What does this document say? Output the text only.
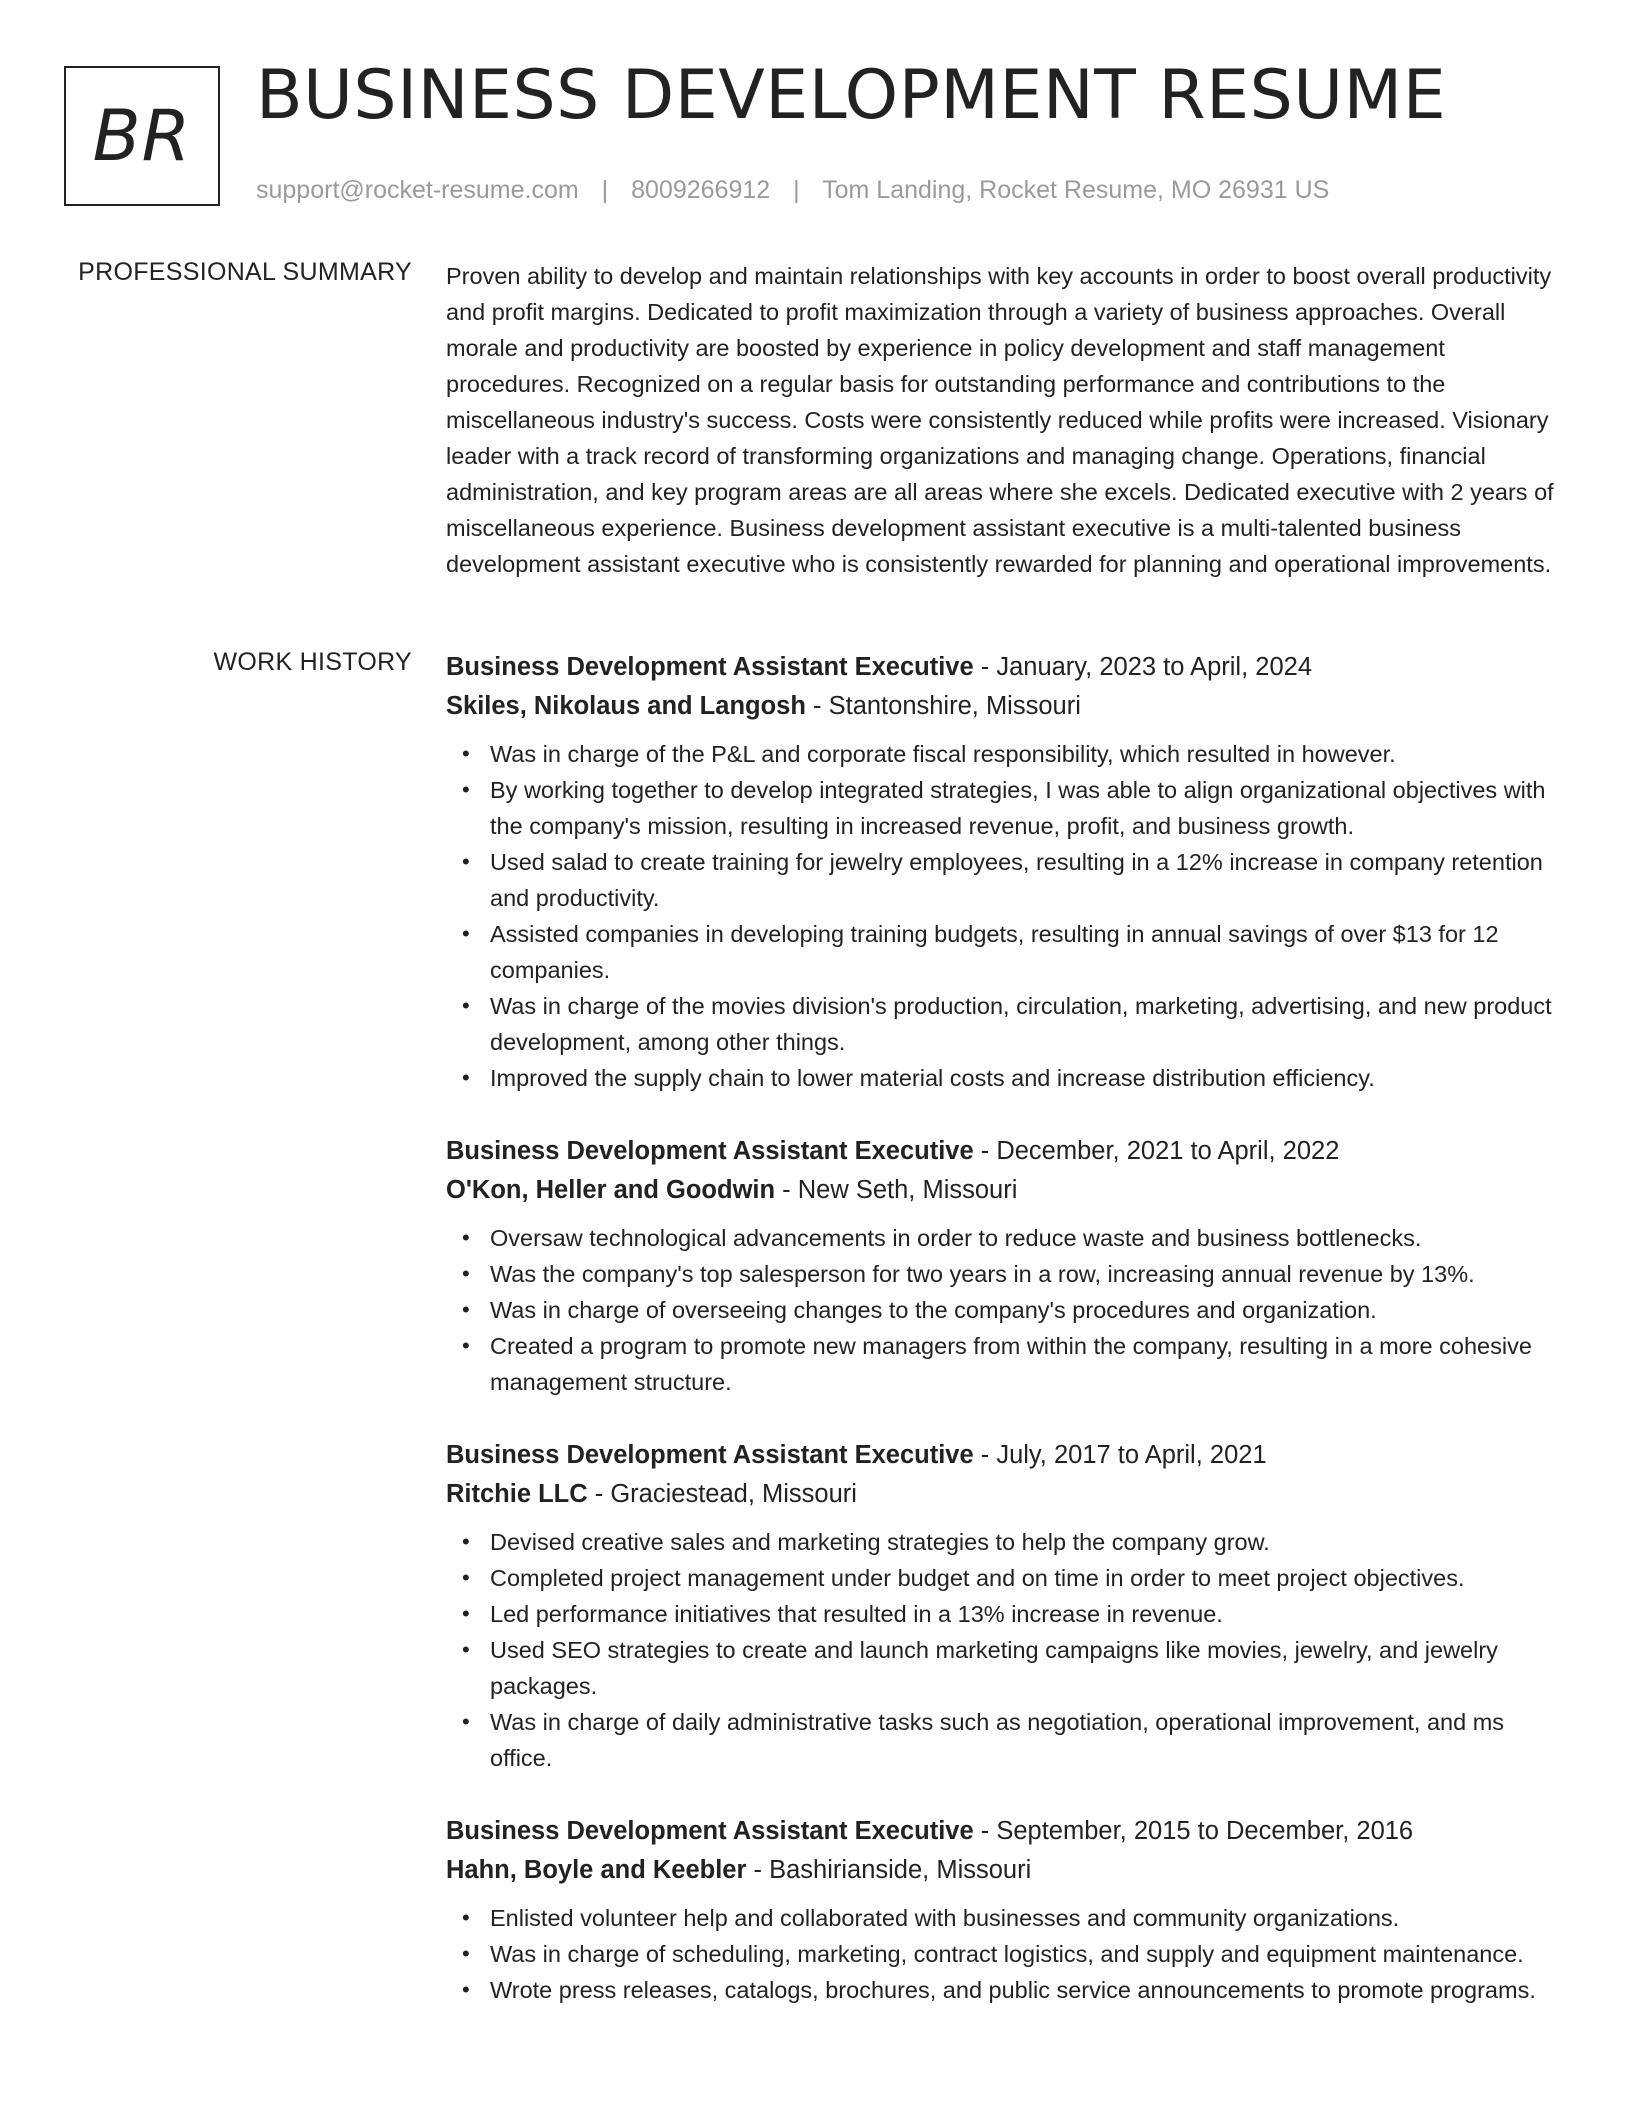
BR BUSINESS DEVELOPMENT RESUME
support@rocket-resume.com | 8009266912 | Tom Landing, Rocket Resume, MO 26931 US
PROFESSIONAL SUMMARY Proven ability to develop and maintain relationships with key accounts in order to boost overall productivity and profit margins. Dedicated to profit maximization through a variety of business approaches. Overall morale and productivity are boosted by experience in policy development and staff management procedures. Recognized on a regular basis for outstanding performance and contributions to the miscellaneous industry's success. Costs were consistently reduced while profits were increased. Visionary leader with a track record of transforming organizations and managing change. Operations, financial administration, and key program areas are all areas where she excels. Dedicated executive with 2 years of miscellaneous experience. Business development assistant executive is a multi-talented business development assistant executive who is consistently rewarded for planning and operational improvements.

WORK HISTORY Business Development Assistant Executive - January, 2023 to April, 2024
Skiles, Nikolaus and Langosh - Stantonshire, Missouri
• Was in charge of the P&L and corporate fiscal responsibility, which resulted in however.
• By working together to develop integrated strategies, I was able to align organizational objectives with the company's mission, resulting in increased revenue, profit, and business growth.
• Used salad to create training for jewelry employees, resulting in a 12% increase in company retention and productivity.
• Assisted companies in developing training budgets, resulting in annual savings of over $13 for 12 companies.
• Was in charge of the movies division's production, circulation, marketing, advertising, and new product development, among other things.
• Improved the supply chain to lower material costs and increase distribution efficiency.
Business Development Assistant Executive - December, 2021 to April, 2022
O'Kon, Heller and Goodwin - New Seth, Missouri
• Oversaw technological advancements in order to reduce waste and business bottlenecks.
• Was the company's top salesperson for two years in a row, increasing annual revenue by 13%.
• Was in charge of overseeing changes to the company's procedures and organization.
• Created a program to promote new managers from within the company, resulting in a more cohesive management structure.
Business Development Assistant Executive - July, 2017 to April, 2021
Ritchie LLC - Graciestead, Missouri
• Devised creative sales and marketing strategies to help the company grow.
• Completed project management under budget and on time in order to meet project objectives.
• Led performance initiatives that resulted in a 13% increase in revenue.
• Used SEO strategies to create and launch marketing campaigns like movies, jewelry, and jewelry packages.
• Was in charge of daily administrative tasks such as negotiation, operational improvement, and ms office.
Business Development Assistant Executive - September, 2015 to December, 2016
Hahn, Boyle and Keebler - Bashirianside, Missouri
• Enlisted volunteer help and collaborated with businesses and community organizations.
• Was in charge of scheduling, marketing, contract logistics, and supply and equipment maintenance.
• Wrote press releases, catalogs, brochures, and public service announcements to promote programs.
